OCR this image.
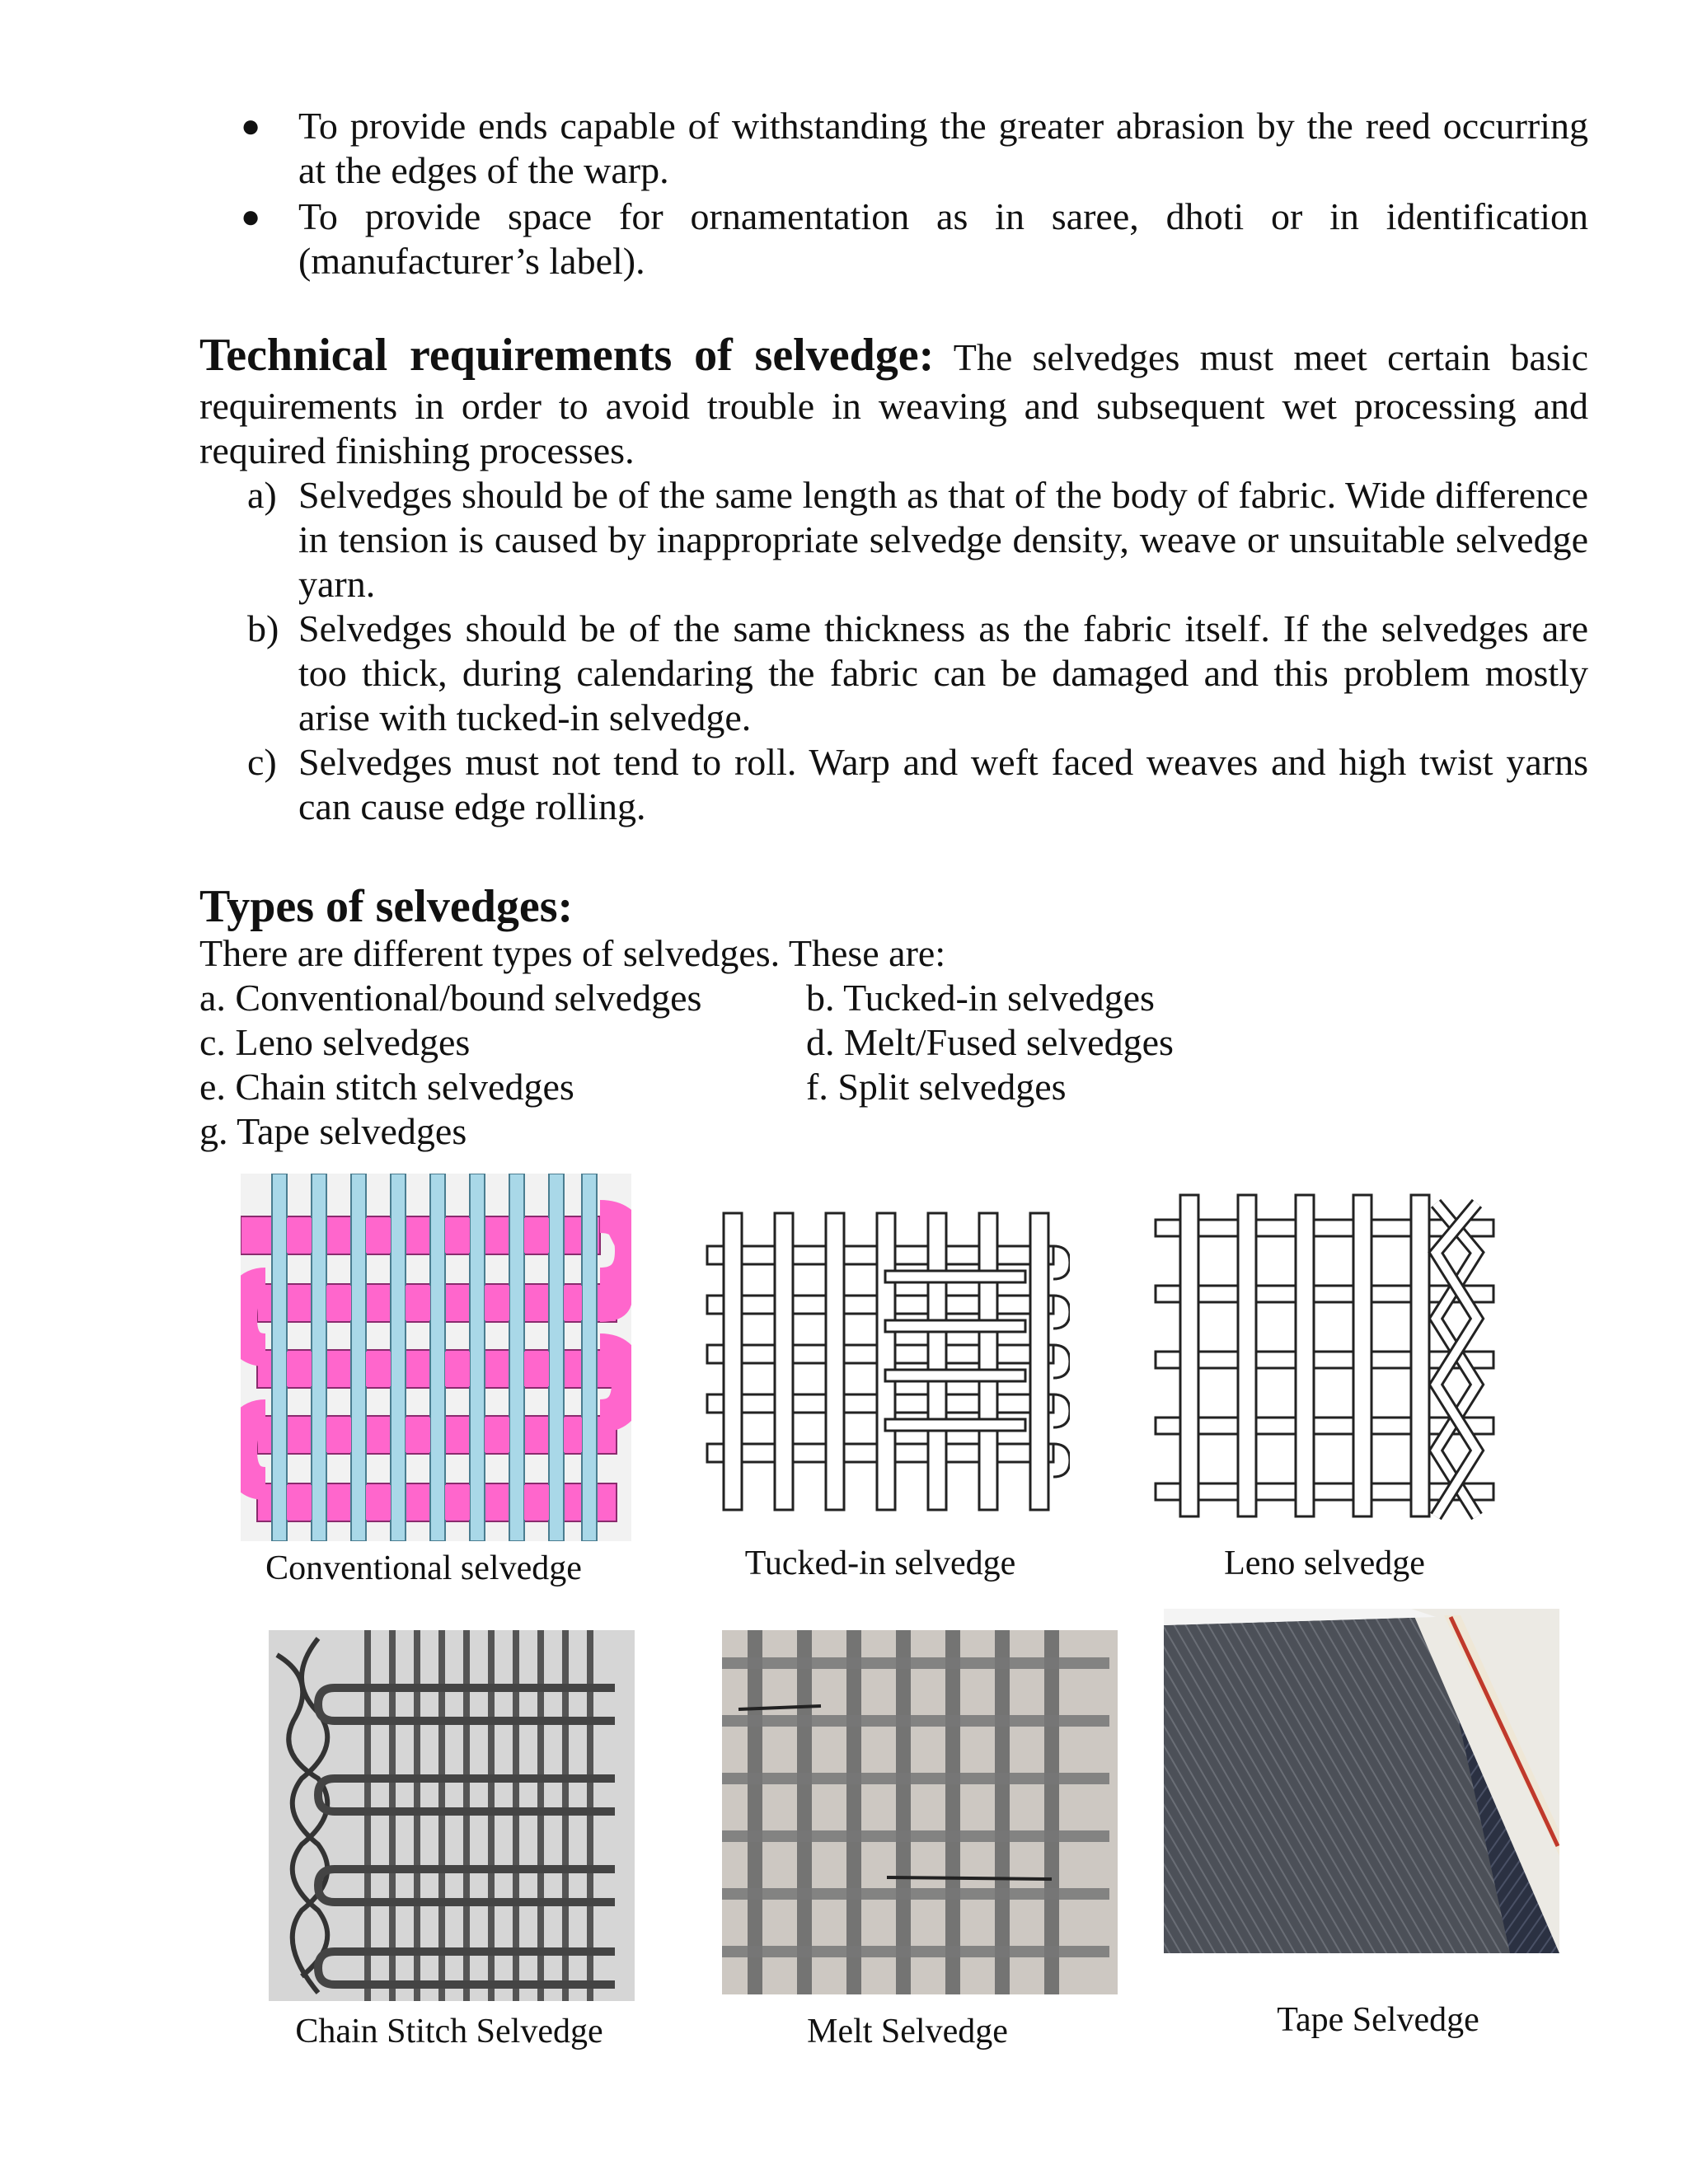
● To provide ends capable of withstanding the greater abrasion by the reed occurring
at the edges of the warp.
● To provide space for ornamentation as in saree, dhoti or in identification
(manufacturer’s label).
Technical requirements of selvedge: The selvedges must meet certain basic
requirements in order to avoid trouble in weaving and subsequent wet processing and
required finishing processes.
a) Selvedges should be of the same length as that of the body of fabric. Wide difference
in tension is caused by inappropriate selvedge density, weave or unsuitable selvedge
yarn.
b) Selvedges should be of the same thickness as the fabric itself. If the selvedges are
too thick, during calendaring the fabric can be damaged and this problem mostly
arise with tucked-in selvedge.
c) Selvedges must not tend to roll. Warp and weft faced weaves and high twist yarns
can cause edge rolling.
Types of selvedges:
There are different types of selvedges. These are:
a. Conventional/bound selvedges	b. Tucked-in selvedges
c. Leno selvedges	d. Melt/Fused selvedges
e. Chain stitch selvedges	f. Split selvedges
g. Tape selvedges
Conventional selvedge	Tucked-in selvedge	Leno selvedge
Chain Stitch Selvedge	Melt Selvedge	Tape Selvedge
